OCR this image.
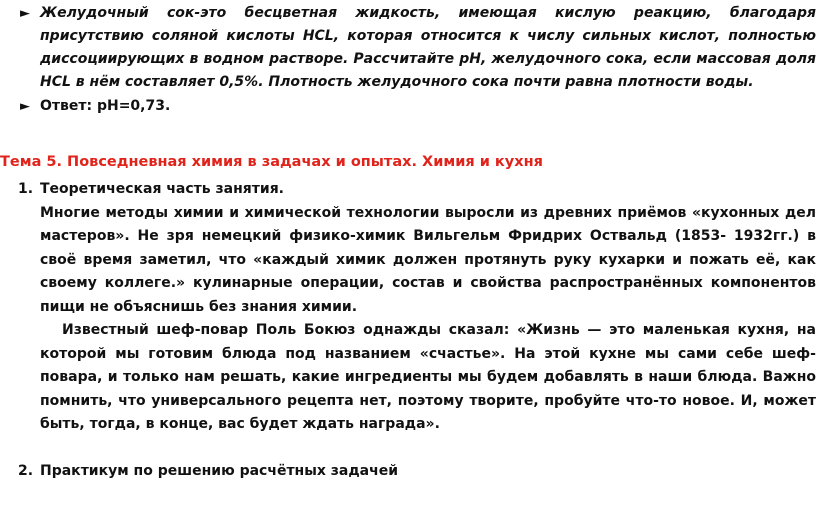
► Желудочный сок-это бесцветная жидкость, имеющая кислую реакцию, благодаря присутствию соляной кислоты HCL, которая относится к числу сильных кислот, полностью диссоциирующих в водном растворе. Рассчитайте рН, желудочного сока, если массовая доля HCL в нём составляет 0,5%. Плотность желудочного сока почти равна плотности воды.
► Ответ: рН=0,73.
Тема 5. Повседневная химия в задачах и опытах. Химия и кухня
1. Теоретическая часть занятия.
Многие методы химии и химической технологии выросли из древних приёмов «кухонных дел мастеров». Не зря немецкий физико-химик Вильгельм Фридрих Оствальд (1853- 1932гг.) в своё время заметил, что «каждый химик должен протянуть руку кухарки и пожать её, как своему коллеге.» кулинарные операции, состав и свойства распространённых компонентов пищи не объяснишь без знания химии.
Известный шеф-повар Поль Бокюз однажды сказал: «Жизнь — это маленькая кухня, на которой мы готовим блюда под названием «счастье». На этой кухне мы сами себе шеф-повара, и только нам решать, какие ингредиенты мы будем добавлять в наши блюда. Важно помнить, что универсального рецепта нет, поэтому творите, пробуйте что-то новое. И, может быть, тогда, в конце, вас будет ждать награда».
2. Практикум по решению расчётных задачей
